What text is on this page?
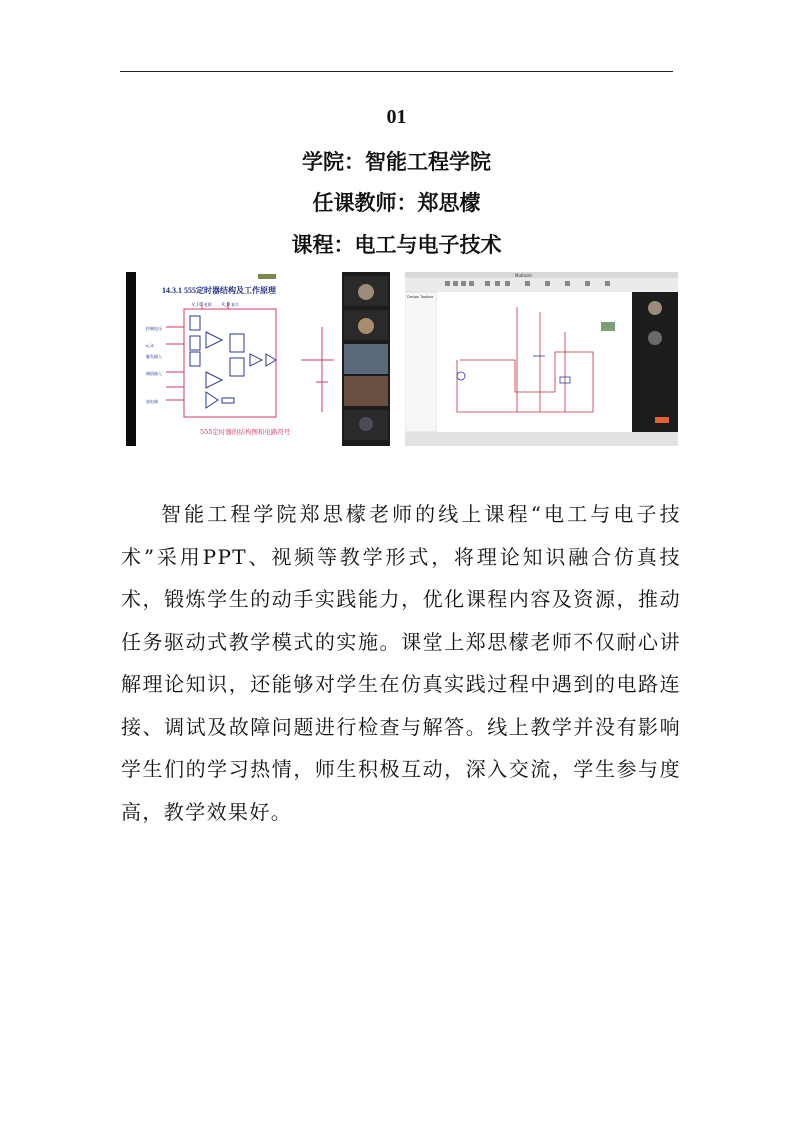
01
学院：智能工程学院
任课教师：郑思檬
课程：电工与电子技术
14.3.1 555定时器结构及工作原理
V_CC 电源	R_D 复位
控制电压
u_ic
触发输入
阈值输入
放电端
555定时器的结构图和电路符号
Multisim
Design Toolbox
智能工程学院郑思檬老师的线上课程“电工与电子技术”采用PPT、视频等教学形式，将理论知识融合仿真技术，锻炼学生的动手实践能力，优化课程内容及资源，推动任务驱动式教学模式的实施。课堂上郑思檬老师不仅耐心讲解理论知识，还能够对学生在仿真实践过程中遇到的电路连接、调试及故障问题进行检查与解答。线上教学并没有影响学生们的学习热情，师生积极互动，深入交流，学生参与度高，教学效果好。
